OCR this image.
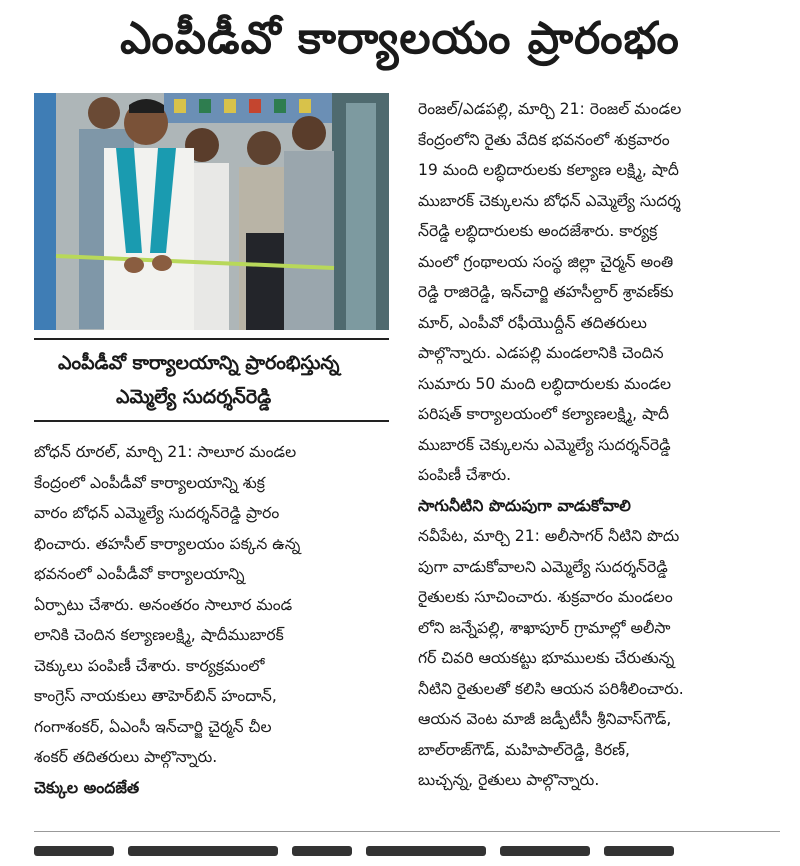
ఎంపీడీవో కార్యాలయం ప్రారంభం
ఎంపీడీవో కార్యాలయాన్ని ప్రారంభిస్తున్న
ఎమ్మెల్యే సుదర్శన్‌రెడ్డి
బోధన్ రూరల్, మార్చి 21: సాలూర మండల
కేంద్రంలో ఎంపీడీవో కార్యాలయాన్ని శుక్ర
వారం బోధన్ ఎమ్మెల్యే సుదర్శన్‌రెడ్డి ప్రారం
భించారు. తహసీల్ కార్యాలయం పక్కన ఉన్న
భవనంలో ఎంపీడీవో కార్యాలయాన్ని
ఏర్పాటు చేశారు. అనంతరం సాలూర మండ
లానికి చెందిన కల్యాణలక్ష్మి, షాదీముబారక్
చెక్కులు పంపిణీ చేశారు. కార్యక్రమంలో
కాంగ్రెస్ నాయకులు తాహెర్‌బిన్ హందాన్,
గంగాశంకర్, ఏఎంసీ ఇన్‌చార్జి చైర్మన్ చీల
శంకర్ తదితరులు పాల్గొన్నారు.
చెక్కుల అందజేత
రెంజల్/ఎడపల్లి, మార్చి 21: రెంజల్ మండల
కేంద్రంలోని రైతు వేదిక భవనంలో శుక్రవారం
19 మంది లబ్ధిదారులకు కల్యాణ లక్ష్మి, షాదీ
ముబారక్ చెక్కులను బోధన్ ఎమ్మెల్యే సుదర్శ
న్‌రెడ్డి లబ్ధిదారులకు అందజేశారు. కార్యక్ర
మంలో గ్రంథాలయ సంస్థ జిల్లా చైర్మన్ అంతి
రెడ్డి రాజిరెడ్డి, ఇన్‌చార్జి తహసీల్దార్ శ్రావణ్‌కు
మార్, ఎంపీవో రఫీయొద్దీన్ తదితరులు
పాల్గొన్నారు. ఎడపల్లి మండలానికి చెందిన
సుమారు 50 మంది లబ్ధిదారులకు మండల
పరిషత్ కార్యాలయంలో కల్యాణలక్ష్మి, షాదీ
ముబారక్ చెక్కులను ఎమ్మెల్యే సుదర్శన్‌రెడ్డి
పంపిణీ చేశారు.
సాగునీటిని పొదుపుగా వాడుకోవాలి
నవీపేట, మార్చి 21: అలీసాగర్ నీటిని పొదు
పుగా వాడుకోవాలని ఎమ్మెల్యే సుదర్శన్‌రెడ్డి
రైతులకు సూచించారు. శుక్రవారం మండలం
లోని జన్నేపల్లి, శాఖాపూర్ గ్రామాల్లో అలీసా
గర్ చివరి ఆయకట్టు భూములకు చేరుతున్న
నీటిని రైతులతో కలిసి ఆయన పరిశీలించారు.
ఆయన వెంట మాజీ జడ్పీటీసీ శ్రీనివాస్‌గౌడ్,
బాల్‌రాజ్‌గౌడ్, మహిపాల్‌రెడ్డి, కిరణ్,
బుచ్చన్న, రైతులు పాల్గొన్నారు.
